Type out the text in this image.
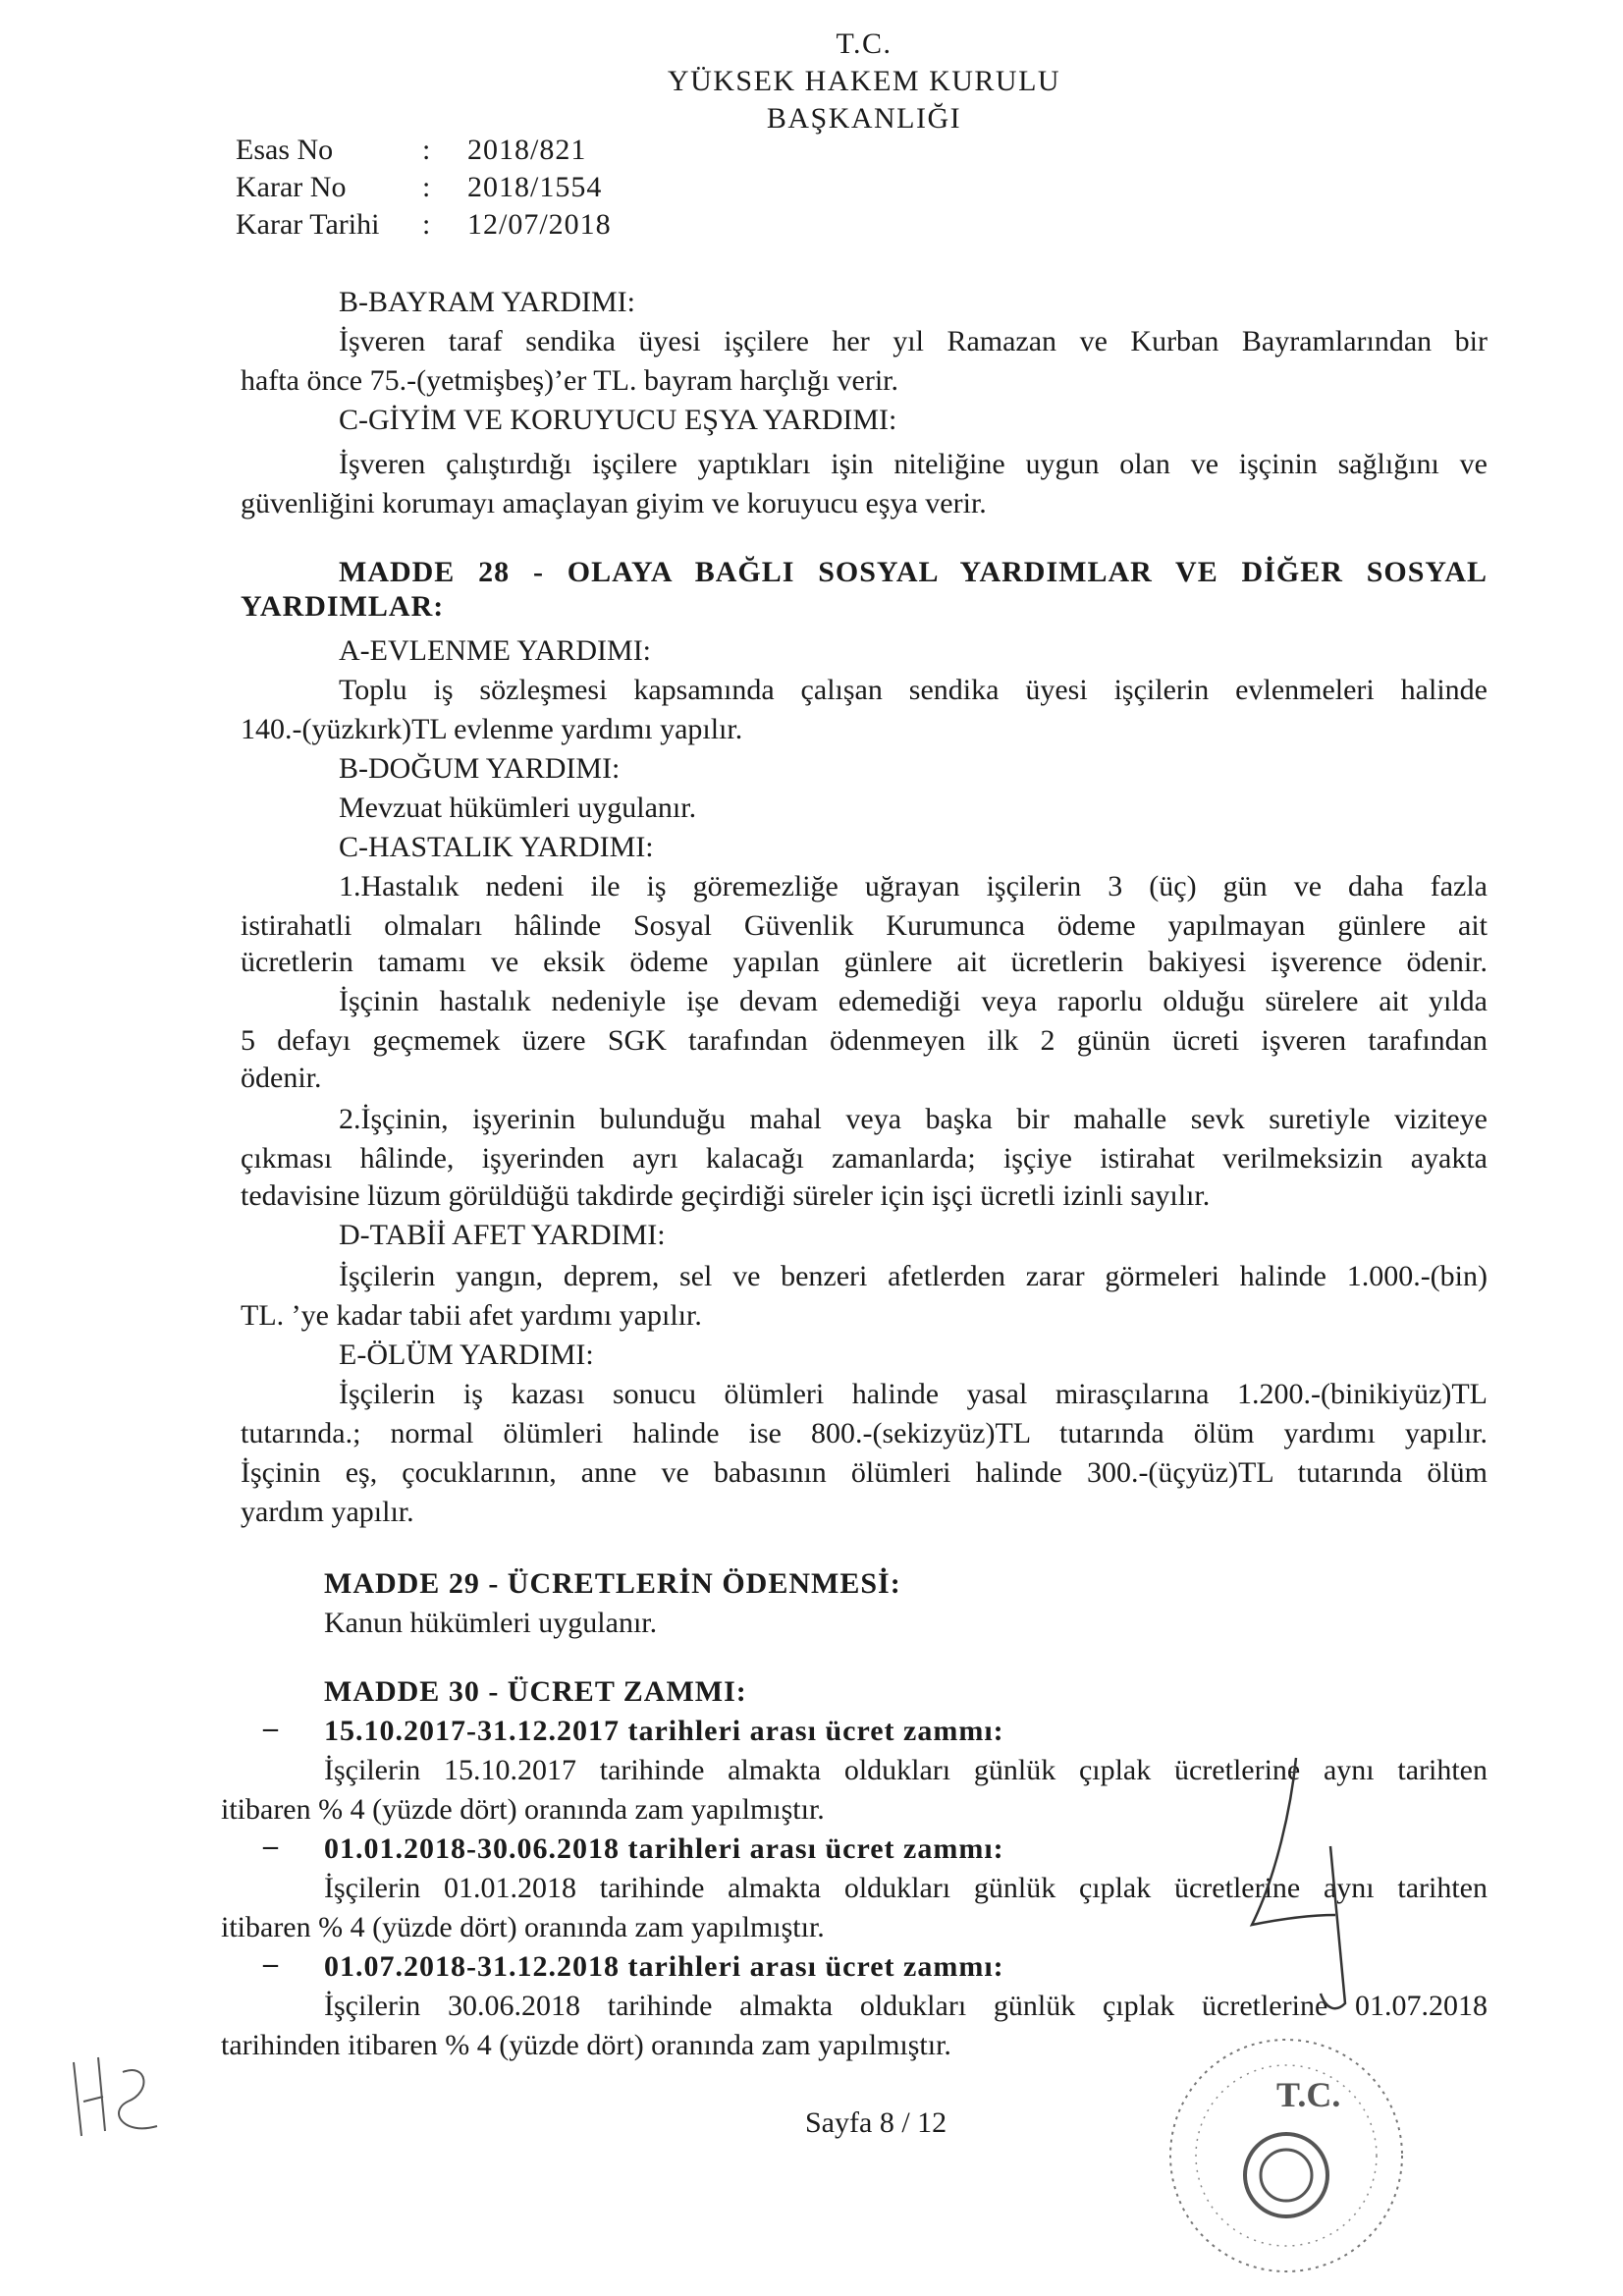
T.C.
YÜKSEK HAKEM KURULU
BAŞKANLIĞI
Esas No	:	2018/821
Karar No	:	2018/1554
Karar Tarihi	:	12/07/2018
B-BAYRAM YARDIMI:
İşveren taraf sendika üyesi işçilere her yıl Ramazan ve Kurban Bayramlarından bir
hafta önce 75.-(yetmişbeş)’er TL. bayram harçlığı verir.
C-GİYİM VE KORUYUCU EŞYA YARDIMI:
İşveren çalıştırdığı işçilere yaptıkları işin niteliğine uygun olan ve işçinin sağlığını ve
güvenliğini korumayı amaçlayan giyim ve koruyucu eşya verir.
MADDE 28 - OLAYA BAĞLI SOSYAL YARDIMLAR VE DİĞER SOSYAL
YARDIMLAR:
A-EVLENME YARDIMI:
Toplu iş sözleşmesi kapsamında çalışan sendika üyesi işçilerin evlenmeleri halinde
140.-(yüzkırk)TL evlenme yardımı yapılır.
B-DOĞUM YARDIMI:
Mevzuat hükümleri uygulanır.
C-HASTALIK YARDIMI:
1.Hastalık nedeni ile iş göremezliğe uğrayan işçilerin 3 (üç) gün ve daha fazla
istirahatli olmaları hâlinde Sosyal Güvenlik Kurumunca ödeme yapılmayan günlere ait
ücretlerin tamamı ve eksik ödeme yapılan günlere ait ücretlerin bakiyesi işverence ödenir.
İşçinin hastalık nedeniyle işe devam edemediği veya raporlu olduğu sürelere ait yılda
5 defayı geçmemek üzere SGK tarafından ödenmeyen ilk 2 günün ücreti işveren tarafından
ödenir.
2.İşçinin, işyerinin bulunduğu mahal veya başka bir mahalle sevk suretiyle viziteye
çıkması hâlinde, işyerinden ayrı kalacağı zamanlarda; işçiye istirahat verilmeksizin ayakta
tedavisine lüzum görüldüğü takdirde geçirdiği süreler için işçi ücretli izinli sayılır.
D-TABİİ AFET YARDIMI:
İşçilerin yangın, deprem, sel ve benzeri afetlerden zarar görmeleri halinde 1.000.-(bin)
TL. ’ye kadar tabii afet yardımı yapılır.
E-ÖLÜM YARDIMI:
İşçilerin iş kazası sonucu ölümleri halinde yasal mirasçılarına 1.200.-(binikiyüz)TL
tutarında.; normal ölümleri halinde ise 800.-(sekizyüz)TL tutarında ölüm yardımı yapılır.
İşçinin eş, çocuklarının, anne ve babasının ölümleri halinde 300.-(üçyüz)TL tutarında ölüm
yardım yapılır.
MADDE 29 - ÜCRETLERİN ÖDENMESİ:
Kanun hükümleri uygulanır.
MADDE 30 - ÜCRET ZAMMI:
– 15.10.2017-31.12.2017 tarihleri arası ücret zammı:
İşçilerin 15.10.2017 tarihinde almakta oldukları günlük çıplak ücretlerine aynı tarihten
itibaren % 4 (yüzde dört) oranında zam yapılmıştır.
– 01.01.2018-30.06.2018 tarihleri arası ücret zammı:
İşçilerin 01.01.2018 tarihinde almakta oldukları günlük çıplak ücretlerine aynı tarihten
itibaren % 4 (yüzde dört) oranında zam yapılmıştır.
– 01.07.2018-31.12.2018 tarihleri arası ücret zammı:
İşçilerin 30.06.2018 tarihinde almakta oldukları günlük çıplak ücretlerine 01.07.2018
tarihinden itibaren % 4 (yüzde dört) oranında zam yapılmıştır.
Sayfa 8 / 12
T.C.
